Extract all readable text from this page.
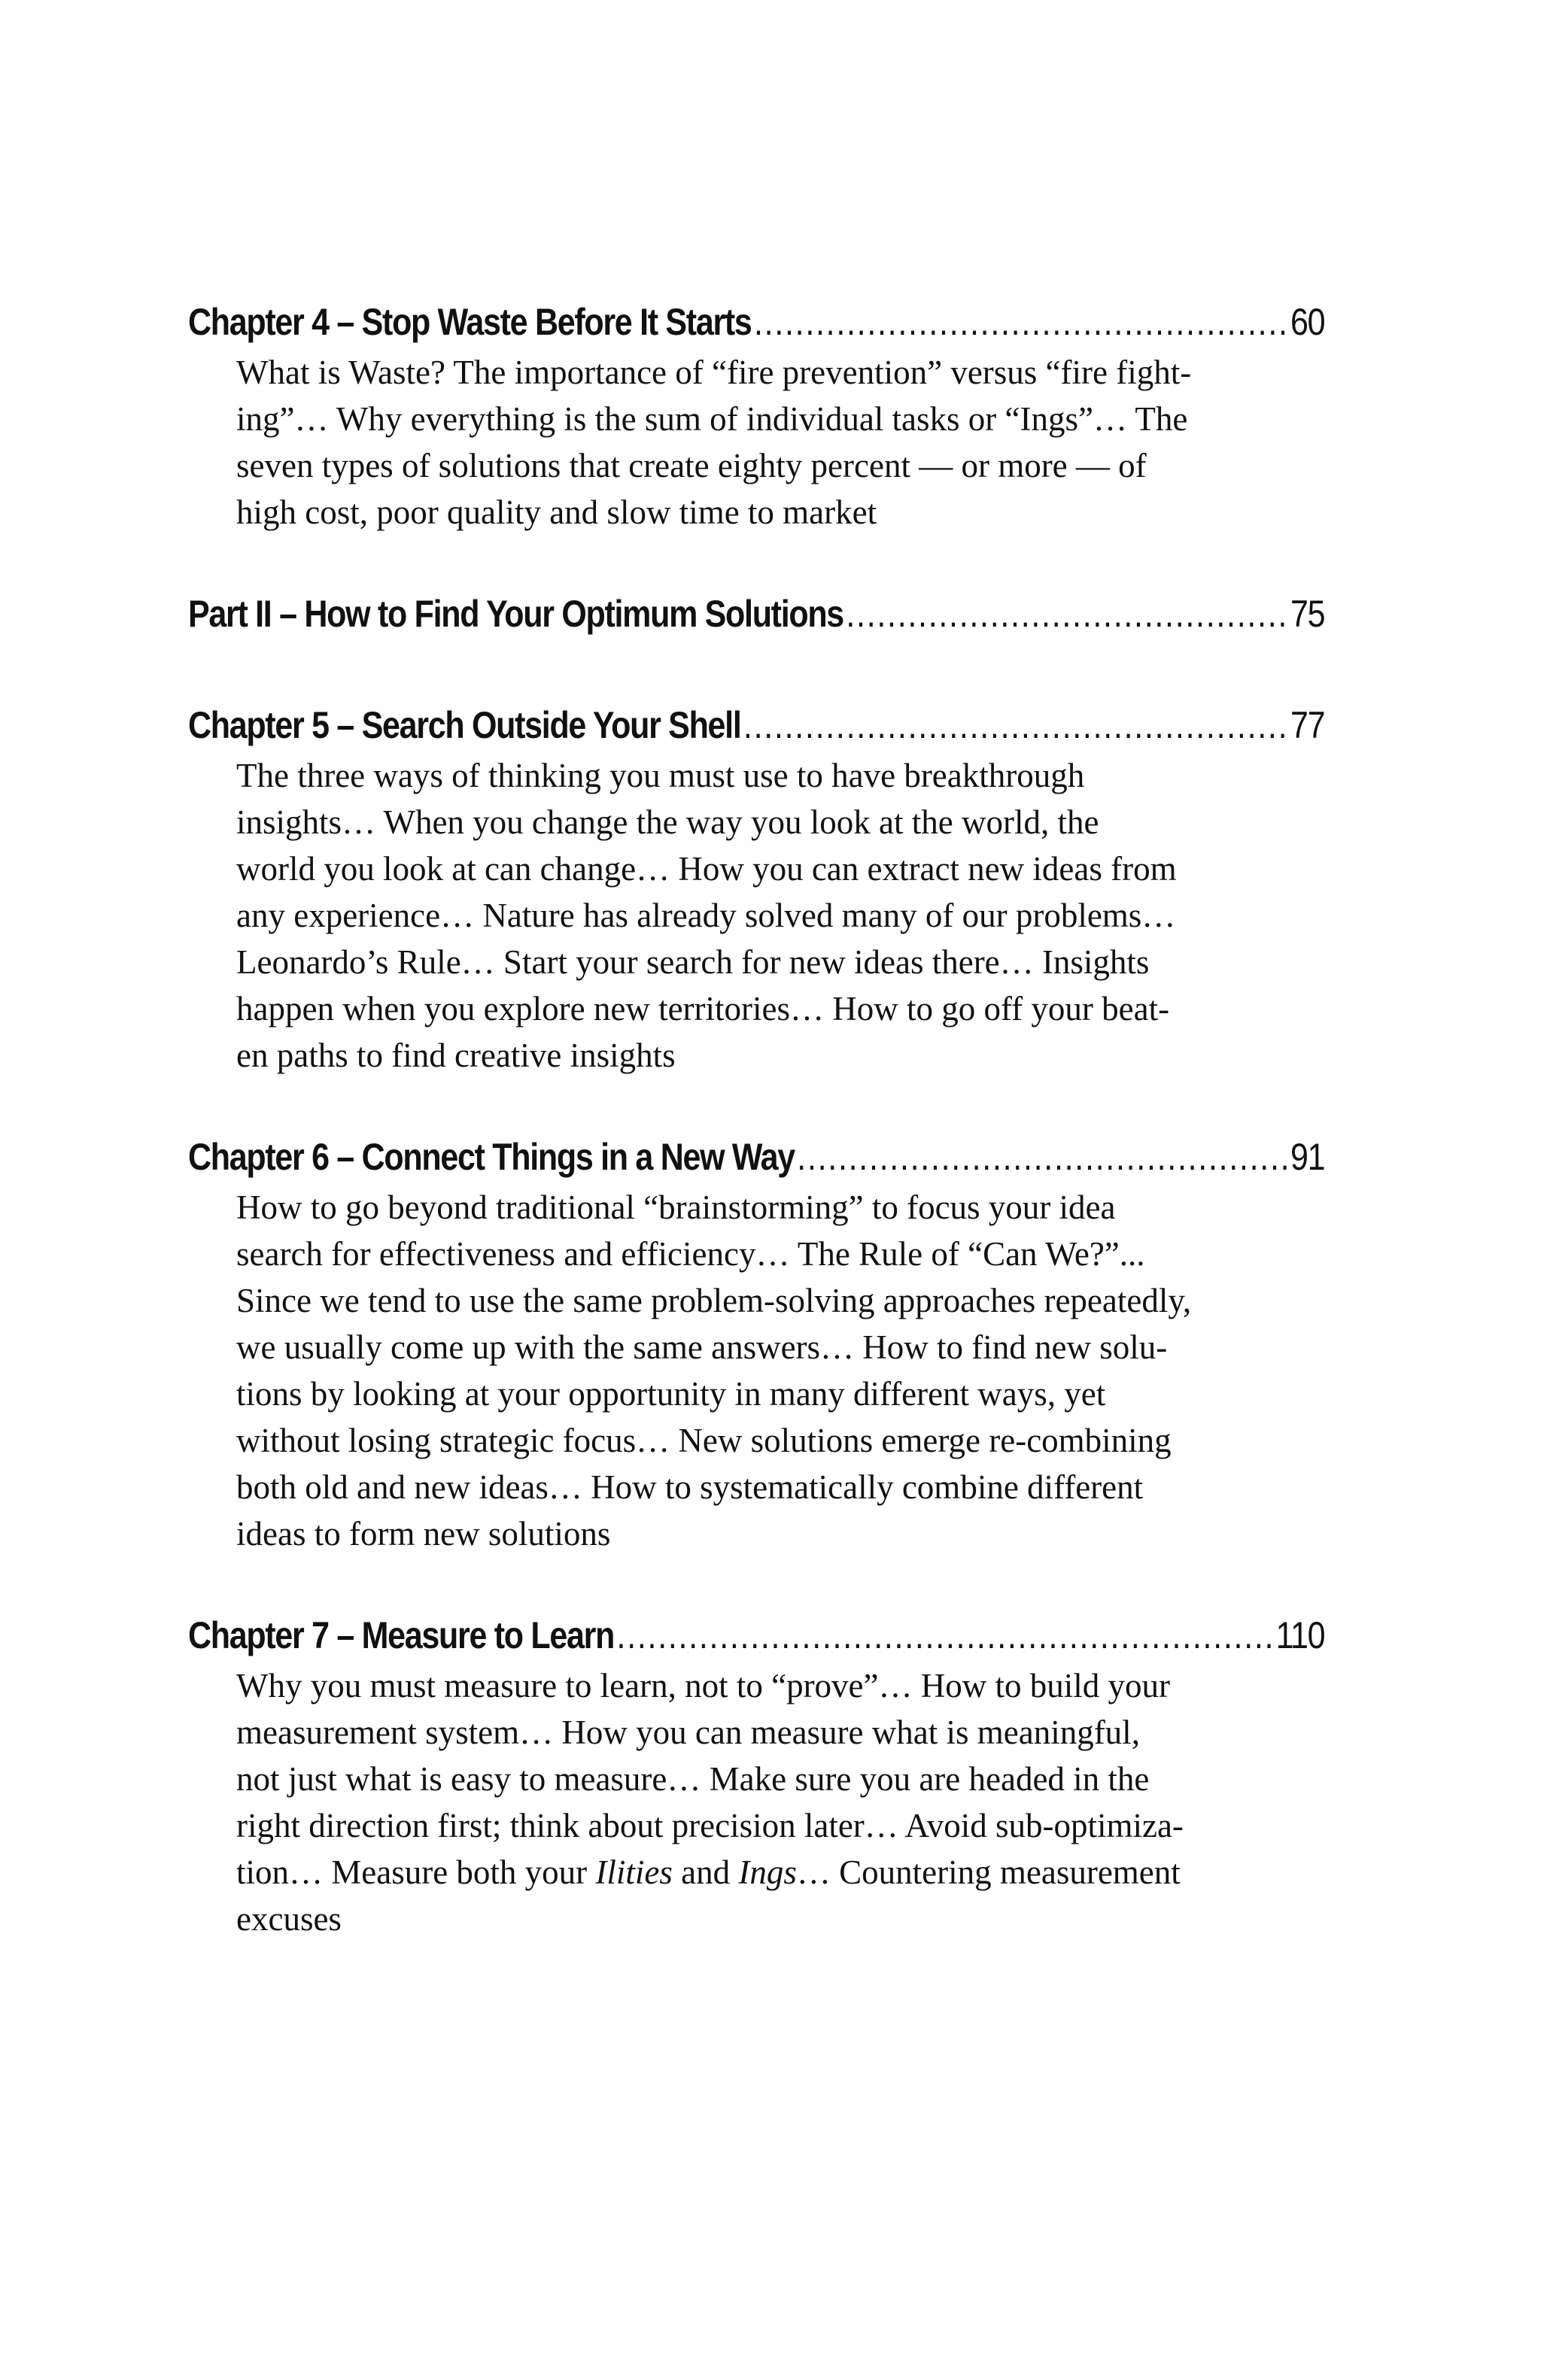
Chapter 4 – Stop Waste Before It Starts .....	60
What is Waste? The importance of “fire prevention” versus “fire fight-
ing”… Why everything is the sum of individual tasks or “Ings”… The
seven types of solutions that create eighty percent — or more — of
high cost, poor quality and slow time to market
Part II – How to Find Your Optimum Solutions .....	75
Chapter 5 – Search Outside Your Shell .....	77
The three ways of thinking you must use to have breakthrough
insights… When you change the way you look at the world, the
world you look at can change… How you can extract new ideas from
any experience… Nature has already solved many of our problems…
Leonardo’s Rule… Start your search for new ideas there… Insights
happen when you explore new territories… How to go off your beat-
en paths to find creative insights
Chapter 6 – Connect Things in a New Way .....	91
How to go beyond traditional “brainstorming” to focus your idea
search for effectiveness and efficiency… The Rule of “Can We?”...
Since we tend to use the same problem-solving approaches repeatedly,
we usually come up with the same answers… How to find new solu-
tions by looking at your opportunity in many different ways, yet
without losing strategic focus… New solutions emerge re-combining
both old and new ideas… How to systematically combine different
ideas to form new solutions
Chapter 7 – Measure to Learn .....	110
Why you must measure to learn, not to “prove”… How to build your
measurement system… How you can measure what is meaningful,
not just what is easy to measure… Make sure you are headed in the
right direction first; think about precision later… Avoid sub-optimiza-
tion… Measure both your Ilities and Ings… Countering measurement
excuses
